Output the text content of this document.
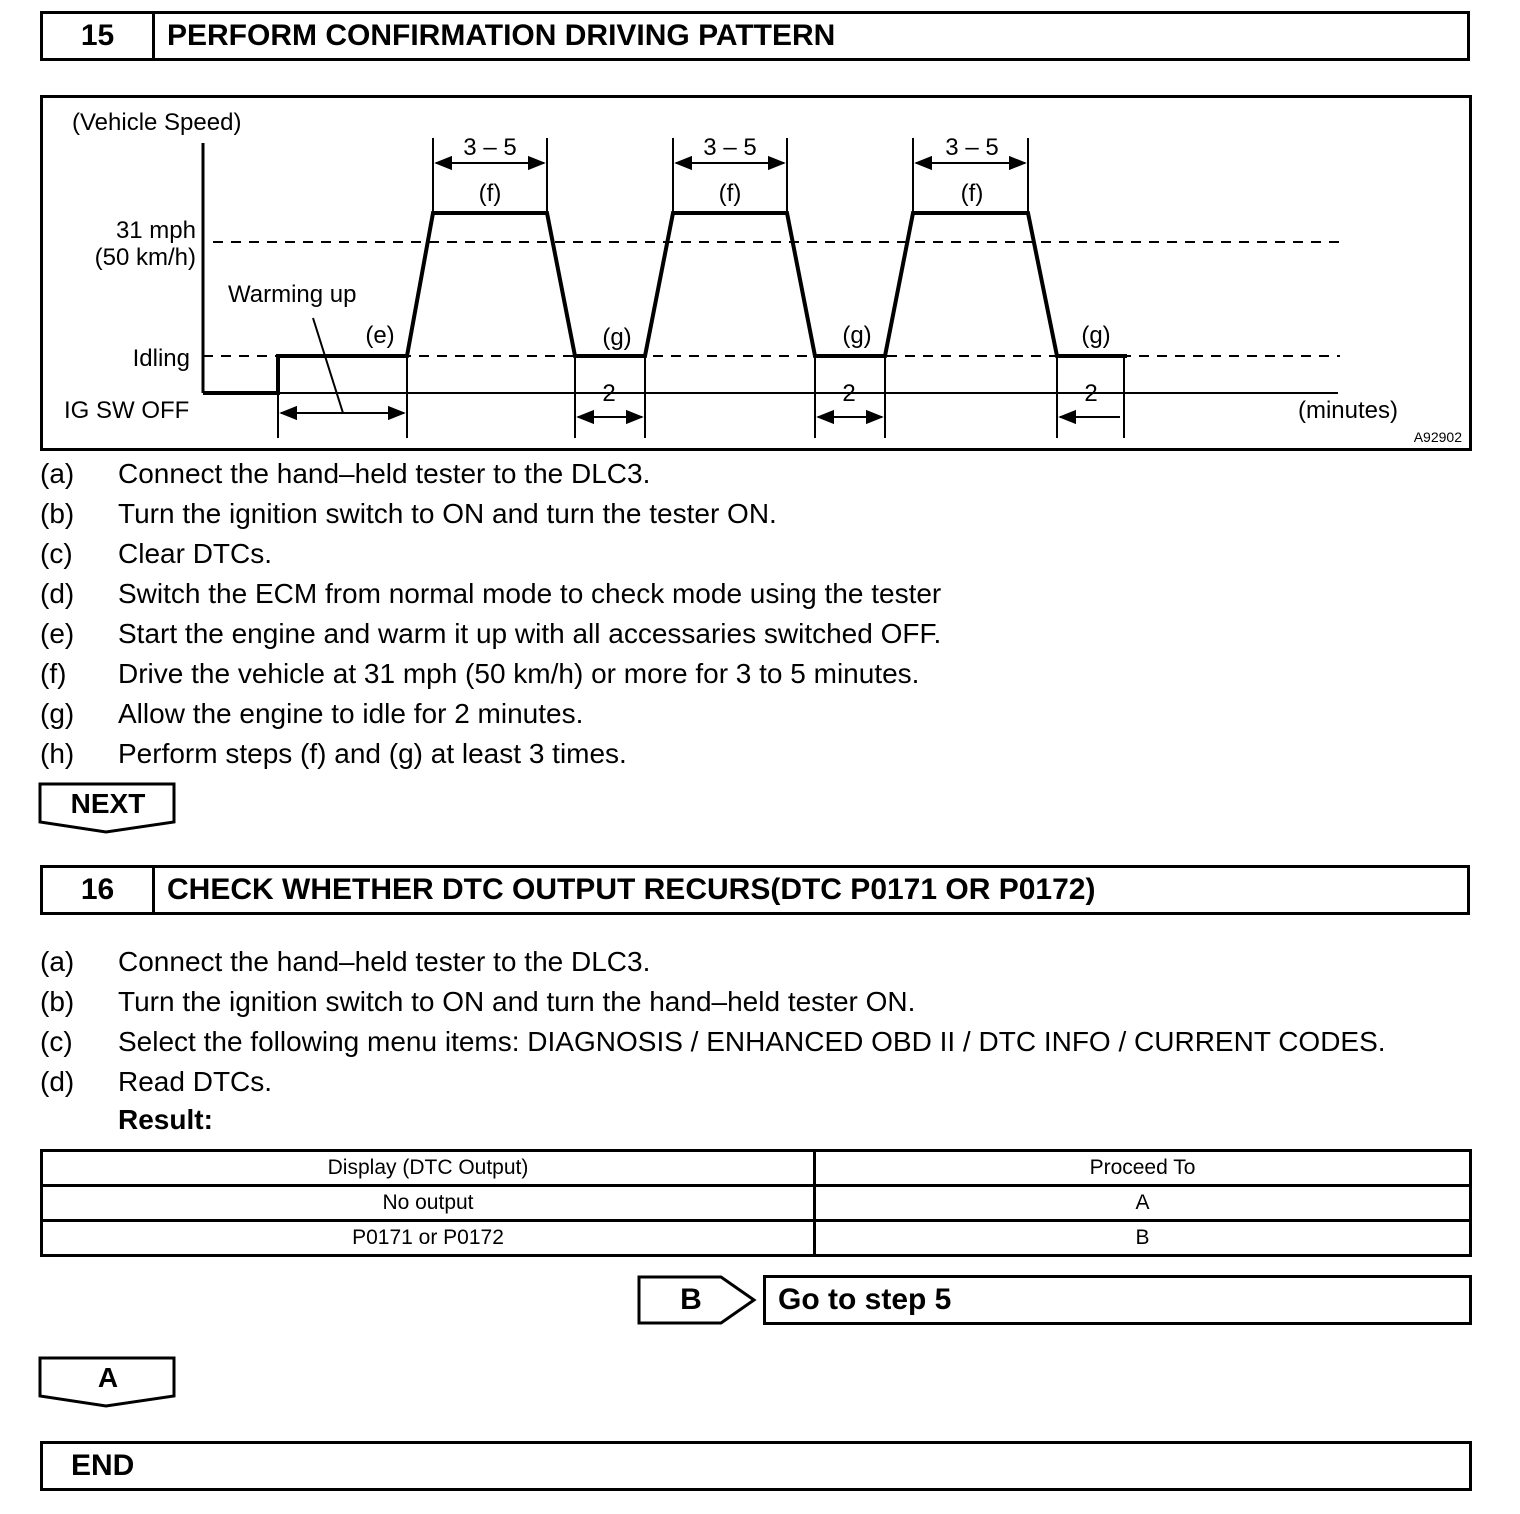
15	PERFORM CONFIRMATION DRIVING PATTERN
(Vehicle Speed)
31 mph
(50 km/h)
Idling
IG SW OFF
Warming up
(e)
3 – 5	3 – 5	3 – 5
(f)	(f)	(f)
(g)	(g)	(g)
2	2	2
(minutes)
A92902
(a)	Connect the hand–held tester to the DLC3.
(b)	Turn the ignition switch to ON and turn the tester ON.
(c)	Clear DTCs.
(d)	Switch the ECM from normal mode to check mode using the tester
(e)	Start the engine and warm it up with all accessaries switched OFF.
(f)	Drive the vehicle at 31 mph (50 km/h) or more for 3 to 5 minutes.
(g)	Allow the engine to idle for 2 minutes.
(h)	Perform steps (f) and (g) at least 3 times.
NEXT
16	CHECK WHETHER DTC OUTPUT RECURS(DTC P0171 OR P0172)
(a)	Connect the hand–held tester to the DLC3.
(b)	Turn the ignition switch to ON and turn the hand–held tester ON.
(c)	Select the following menu items: DIAGNOSIS / ENHANCED OBD II / DTC INFO / CURRENT CODES.
(d)	Read DTCs.
Result:
Display (DTC Output)	Proceed To
No output	A
P0171 or P0172	B
B	Go to step 5
A
END
